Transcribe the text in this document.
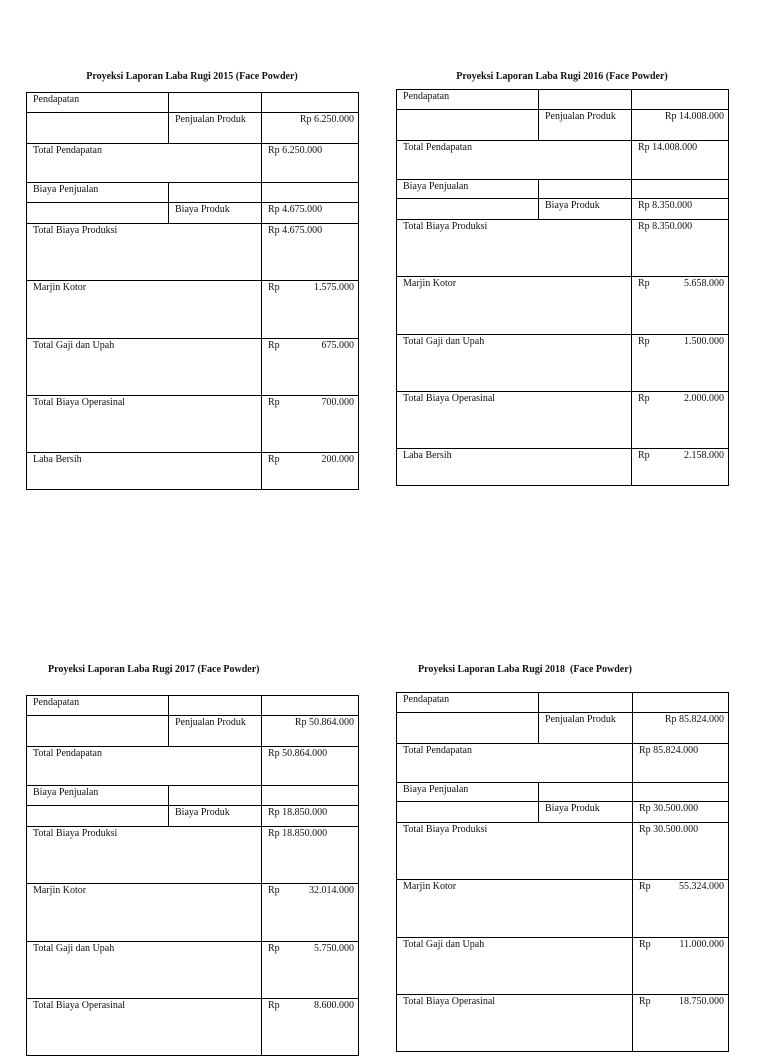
Proyeksi Laporan Laba Rugi 2015 (Face Powder)
Pendapatan		
	Penjualan Produk	Rp 6.250.000
Total Pendapatan		Rp 6.250.000
Biaya Penjualan		
	Biaya Produk	Rp 4.675.000
Total Biaya Produksi		Rp 4.675.000
Marjin Kotor		Rp 1.575.000
Total Gaji dan Upah		Rp 675.000
Total Biaya Operasinal		Rp 700.000
Laba Bersih		Rp 200.000
Proyeksi Laporan Laba Rugi 2016 (Face Powder)
Pendapatan		
	Penjualan Produk	Rp 14.008.000
Total Pendapatan		Rp 14.008.000
Biaya Penjualan		
	Biaya Produk	Rp 8.350.000
Total Biaya Produksi		Rp 8.350.000
Marjin Kotor		Rp 5.658.000
Total Gaji dan Upah		Rp 1.500.000
Total Biaya Operasinal		Rp 2.000.000
Laba Bersih		Rp 2.158.000
Proyeksi Laporan Laba Rugi 2017 (Face Powder)
Pendapatan		
	Penjualan Produk	Rp 50.864.000
Total Pendapatan		Rp 50.864.000
Biaya Penjualan		
	Biaya Produk	Rp 18.850.000
Total Biaya Produksi		Rp 18.850.000
Marjin Kotor		Rp 32.014.000
Total Gaji dan Upah		Rp 5.750.000
Total Biaya Operasinal		Rp 8.600.000
Proyeksi Laporan Laba Rugi 2018  (Face Powder)
Pendapatan		
	Penjualan Produk	Rp 85.824.000
Total Pendapatan		Rp 85.824.000
Biaya Penjualan		
	Biaya Produk	Rp 30.500.000
Total Biaya Produksi		Rp 30.500.000
Marjin Kotor		Rp 55.324.000
Total Gaji dan Upah		Rp 11.000.000
Total Biaya Operasinal		Rp 18.750.000
